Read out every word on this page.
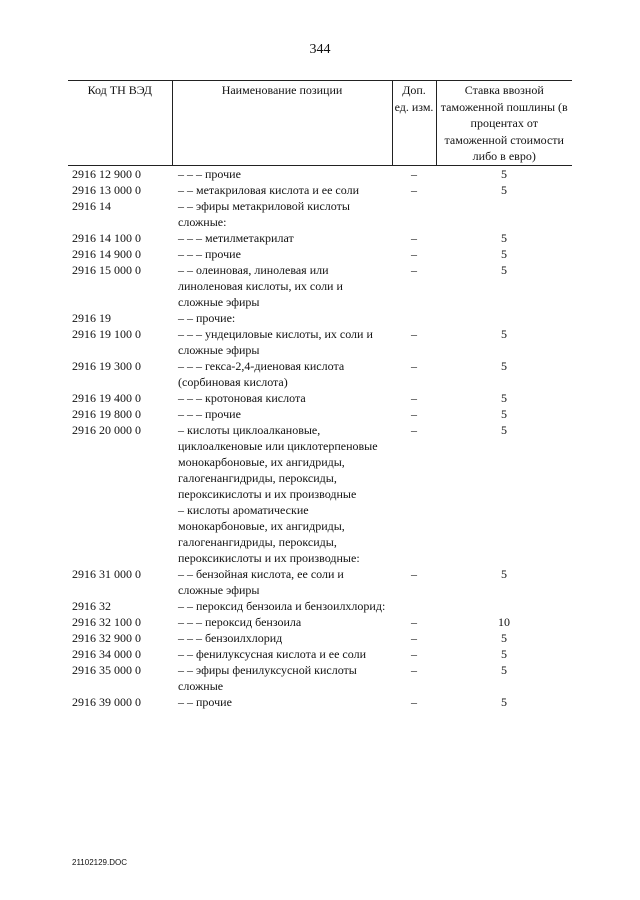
344
Код ТН ВЭД	Наименование позиции	Доп. ед. изм.	Ставка ввозной таможенной пошлины (в процентах от таможенной стоимости либо в евро)
2916 12 900 0	– – – прочие	–	5
2916 13 000 0	– – метакриловая кислота и ее соли	–	5
2916 14	– – эфиры метакриловой кислоты сложные:		
2916 14 100 0	– – – метилметакрилат	–	5
2916 14 900 0	– – – прочие	–	5
2916 15 000 0	– – олеиновая, линолевая или линоленовая кислоты, их соли и сложные эфиры	–	5
2916 19	– – прочие:		
2916 19 100 0	– – – ундециловые кислоты, их соли и сложные эфиры	–	5
2916 19 300 0	– – – гекса-2,4-диеновая кислота (сорбиновая кислота)	–	5
2916 19 400 0	– – – кротоновая кислота	–	5
2916 19 800 0	– – – прочие	–	5
2916 20 000 0	– кислоты циклоалкановые, циклоалкеновые или циклотерпеновые монокарбоновые, их ангидриды, галогенангидриды, пероксиды, пероксикислоты и их производные	–	5
	– кислоты ароматические монокарбоновые, их ангидриды, галогенангидриды, пероксиды, пероксикислоты и их производные:		
2916 31 000 0	– – бензойная кислота, ее соли и сложные эфиры	–	5
2916 32	– – пероксид бензоила и бензоилхлорид:		
2916 32 100 0	– – – пероксид бензоила	–	10
2916 32 900 0	– – – бензоилхлорид	–	5
2916 34 000 0	– – фенилуксусная кислота и ее соли	–	5
2916 35 000 0	– – эфиры фенилуксусной кислоты сложные	–	5
2916 39 000 0	– – прочие	–	5
21102129.DOC
